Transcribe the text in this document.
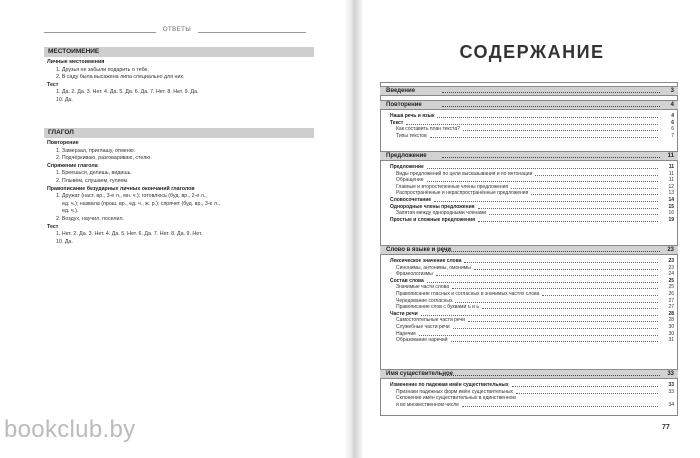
ОТВЕТЫ
МЕСТОИМЕНИЕ
Личные местоимения
1. Друзья не забыли подарить о тебе.
2. В саду была высажена липа специально для них.
Тест
1. Да. 2. Да. 3. Нет. 4. Да. 5. Да. 6. Да. 7. Нет. 8. Нет. 9. Да.
10. Да.
ГЛАГОЛ
Повторение
1. Замерзал, приглашу, отменю.
2. Подчёркиваю, разговариваю, стелю.
Спряжение глагола
1. Бреешься, делишь, видишь.
2. Плывём, слушаем, гуляем.
Правописание безударных личных окончаний глаголов
1. Дружат (наст. вр., 3-е л., мн. ч.); готовлюсь (буд. вр., 2-е л.,
ед. ч.); назвала (прош. вр., ед. ч., ж. р.); спрячет (буд. вр., 3-е л.,
ед. ч.).
2. Воздух, научил, поселил.
Тест
1. Нет. 2. Да. 3. Нет. 4. Да. 5. Нет. 6. Да. 7. Нет. 8. Да. 9. Нет.
10. Да.
СОДЕРЖАНИЕ
Введение	3
Повторение	4
Наша речь и язык	4
Текст	6
Как составить план текста?	6
Типы текстов	7
Предложение	11
Предложение	11
Виды предложений по цели высказывания и по интонации	11
Обращение	11
Главные и второстепенные члены предложения	12
Распространённые и нераспространённые предложения	13
Словосочетание	14
Однородные члены предложения	15
Запятая между однородными членами	16
Простые и сложные предложения	19
Слово в языке и речи	23
Лексическое значение слова	23
Синонимы, антонимы, омонимы	23
Фразеологизмы	24
Состав слова	25
Значимые части слова	25
Правописание гласных и согласных в значимых частях слова	26
Чередование согласных	27
Правописание слов с буквами ъ и ь	27
Части речи	28
Самостоятельные части речи	28
Служебные части речи	30
Наречие	30
Образование наречий	31
Имя существительное	33
Изменение по падежам имён существительных	33
Признаки падежных форм имён существительных	33
Склонение имён существительных в единственном
и во множественном числе	34
77
bookclub.by
